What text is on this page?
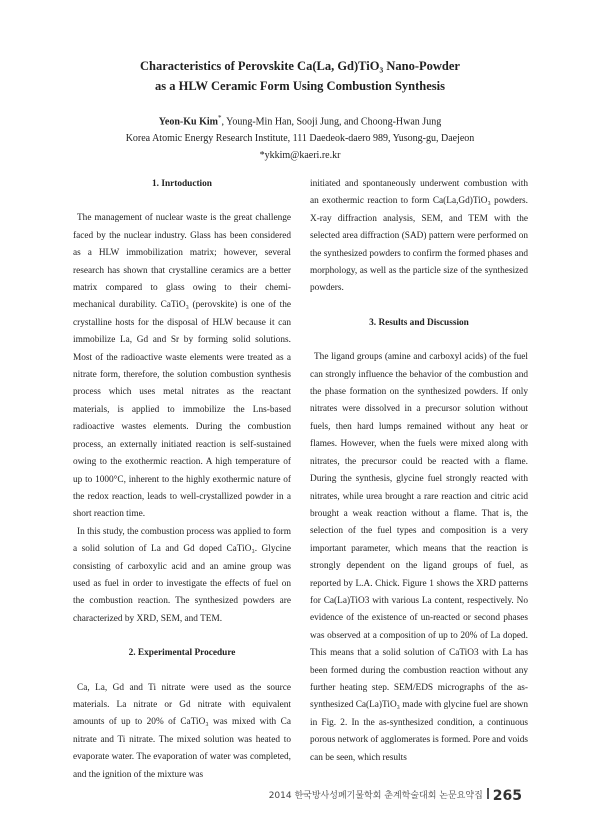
Characteristics of Perovskite Ca(La, Gd)TiO₃ Nano-Powder
as a HLW Ceramic Form Using Combustion Synthesis
Yeon-Ku Kim*, Young-Min Han, Sooji Jung, and Choong-Hwan Jung
Korea Atomic Energy Research Institute, 111 Daedeok-daero 989, Yusong-gu, Daejeon
*ykkim@kaeri.re.kr

1. Inrtoduction

The management of nuclear waste is the great challenge faced by the nuclear industry. Glass has been considered as a HLW immobilization matrix; however, several research has shown that crystalline ceramics are a better matrix compared to glass owing to their chemi-mechanical durability. CaTiO₃ (perovskite) is one of the crystalline hosts for the disposal of HLW because it can immobilize La, Gd and Sr by forming solid solutions. Most of the radioactive waste elements were treated as a nitrate form, therefore, the solution combustion synthesis process which uses metal nitrates as the reactant materials, is applied to immobilize the Lns-based radioactive wastes elements. During the combustion process, an externally initiated reaction is self-sustained owing to the exothermic reaction. A high temperature of up to 1000°C, inherent to the highly exothermic nature of the redox reaction, leads to well-crystallized powder in a short reaction time.

In this study, the combustion process was applied to form a solid solution of La and Gd doped CaTiO₃. Glycine consisting of carboxylic acid and an amine group was used as fuel in order to investigate the effects of fuel on the combustion reaction. The synthesized powders are characterized by XRD, SEM, and TEM.

2. Experimental Procedure

Ca, La, Gd and Ti nitrate were used as the source materials. La nitrate or Gd nitrate with equivalent amounts of up to 20% of CaTiO₃ was mixed with Ca nitrate and Ti nitrate. The mixed solution was heated to evaporate water. The evaporation of water was completed, and the ignition of the mixture was

initiated and spontaneously underwent combustion with an exothermic reaction to form Ca(La,Gd)TiO₃ powders. X-ray diffraction analysis, SEM, and TEM with the selected area diffraction (SAD) pattern were performed on the synthesized powders to confirm the formed phases and morphology, as well as the particle size of the synthesized powders.

3. Results and Discussion

The ligand groups (amine and carboxyl acids) of the fuel can strongly influence the behavior of the combustion and the phase formation on the synthesized powders. If only nitrates were dissolved in a precursor solution without fuels, then hard lumps remained without any heat or flames. However, when the fuels were mixed along with nitrates, the precursor could be reacted with a flame. During the synthesis, glycine fuel strongly reacted with nitrates, while urea brought a rare reaction and citric acid brought a weak reaction without a flame. That is, the selection of the fuel types and composition is a very important parameter, which means that the reaction is strongly dependent on the ligand groups of fuel, as reported by L.A. Chick. Figure 1 shows the XRD patterns for Ca(La)TiO3 with various La content, respectively. No evidence of the existence of un-reacted or second phases was observed at a composition of up to 20% of La doped. This means that a solid solution of CaTiO3 with La has been formed during the combustion reaction without any further heating step. SEM/EDS micrographs of the as-synthesized Ca(La)TiO₃ made with glycine fuel are shown in Fig. 2. In the as-synthesized condition, a continuous porous network of agglomerates is formed. Pore and voids can be seen, which results

2014 한국방사성폐기물학회 춘계학술대회 논문요약집 265
